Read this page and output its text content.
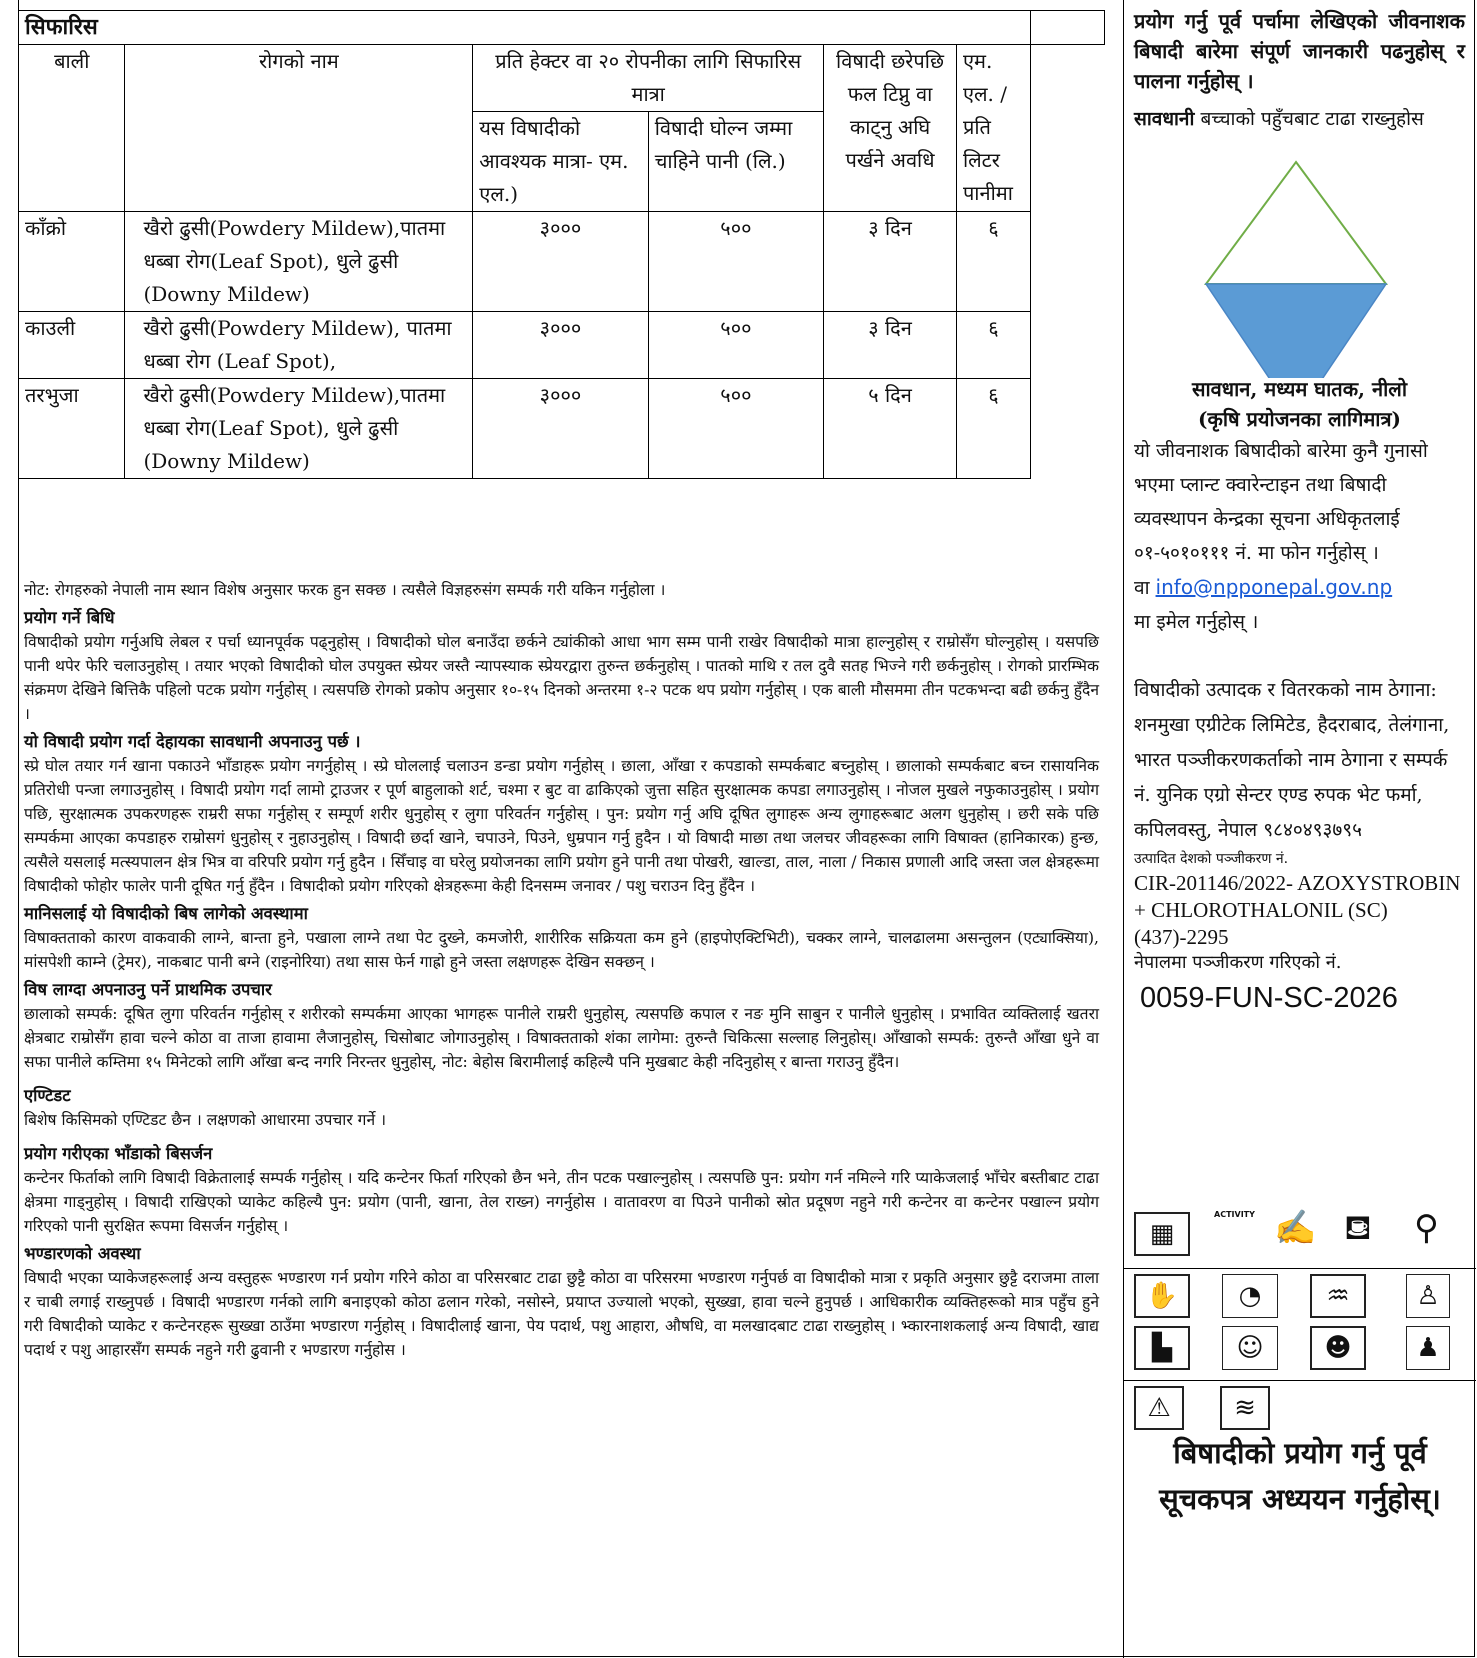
सिफारिस						
बाली	रोगको नाम	प्रति हेक्टर वा २० रोपनीका लागि सिफारिस मात्रा		विषादी छरेपछि फल टिप्नु वा काट्नु अघि पर्खने अवधि	एम. एल. / प्रति लिटर पानीमा
		यस विषादीको आवश्यक मात्रा- एम. एल.)	विषादी घोल्न जम्मा चाहिने पानी (लि.)			
काँक्रो	खैरो ढुसी(Powdery Mildew),पातमा धब्बा रोग(Leaf Spot), धुले ढुसी (Downy Mildew)	३०००	५००	३ दिन	६	
काउली	खैरो ढुसी(Powdery Mildew), पातमा धब्बा रोग (Leaf Spot),	३०००	५००	३ दिन	६	
तरभुजा	खैरो ढुसी(Powdery Mildew),पातमा धब्बा रोग(Leaf Spot), धुले ढुसी (Downy Mildew)	३०००	५००	५ दिन	६	

नोट: रोगहरुको नेपाली नाम स्थान विशेष अनुसार फरक हुन सक्छ । त्यसैले विज्ञहरुसंग सम्पर्क गरी यकिन गर्नुहोला ।

प्रयोग गर्ने बिधि

विषादीको प्रयोग गर्नुअघि लेबल र पर्चा ध्यानपूर्वक पढ्नुहोस् । विषादीको घोल बनाउँदा छर्कने ट्यांकीको आधा भाग सम्म पानी राखेर विषादीको मात्रा हाल्नुहोस् र राम्रोसँग घोल्नुहोस् । यसपछि पानी थपेर फेरि चलाउनुहोस् । तयार भएको विषादीको घोल उपयुक्त स्प्रेयर जस्तै न्यापस्याक स्प्रेयरद्वारा तुरुन्त छर्कनुहोस् । पातको माथि र तल दुवै सतह भिज्ने गरी छर्कनुहोस् । रोगको प्रारम्भिक संक्रमण देखिने बित्तिकै पहिलो पटक प्रयोग गर्नुहोस् । त्यसपछि रोगको प्रकोप अनुसार १०-१५ दिनको अन्तरमा १-२ पटक थप प्रयोग गर्नुहोस् । एक बाली मौसममा तीन पटकभन्दा बढी छर्कनु हुँदैन ।

यो विषादी प्रयोग गर्दा देहायका सावधानी अपनाउनु पर्छ ।

स्प्रे घोल तयार गर्न खाना पकाउने भाँडाहरू प्रयोग नगर्नुहोस् । स्प्रे घोललाई चलाउन डन्डा प्रयोग गर्नुहोस् । छाला, आँखा र कपडाको सम्पर्कबाट बच्नुहोस् । छालाको सम्पर्कबाट बच्न रासायनिक प्रतिरोधी पन्जा लगाउनुहोस् । विषादी प्रयोग गर्दा लामो ट्राउजर र पूर्ण बाहुलाको शर्ट, चश्मा र बुट वा ढाकिएको जुत्ता सहित सुरक्षात्मक कपडा लगाउनुहोस् । नोजल मुखले नफुकाउनुहोस् । प्रयोग पछि, सुरक्षात्मक उपकरणहरू राम्ररी सफा गर्नुहोस् र सम्पूर्ण शरीर धुनुहोस् र लुगा परिवर्तन गर्नुहोस् । पुन: प्रयोग गर्नु अघि दूषित लुगाहरू अन्य लुगाहरूबाट अलग धुनुहोस् । छरी सके पछि सम्पर्कमा आएका कपडाहरु राम्रोसगं धुनुहोस् र नुहाउनुहोस् । विषादी छर्दा खाने, चपाउने, पिउने, धुम्रपान गर्नु हुदैन । यो विषादी माछा तथा जलचर जीवहरूका लागि विषाक्त (हानिकारक) हुन्छ, त्यसैले यसलाई मत्स्यपालन क्षेत्र भित्र वा वरिपरि प्रयोग गर्नु हुदैन । सिँचाइ वा घरेलु प्रयोजनका लागि प्रयोग हुने पानी तथा पोखरी, खाल्डा, ताल, नाला / निकास प्रणाली आदि जस्ता जल क्षेत्रहरूमा विषादीको फोहोर फालेर पानी दूषित गर्नु हुँदैन । विषादीको प्रयोग गरिएको क्षेत्रहरूमा केही दिनसम्म जनावर / पशु चराउन दिनु हुँदैन ।

मानिसलाई यो विषादीको बिष लागेको अवस्थामा

विषाक्तताको कारण वाकवाकी लाग्ने, बान्ता हुने, पखाला लाग्ने तथा पेट दुख्ने, कमजोरी, शारीरिक सक्रियता कम हुने (हाइपोएक्टिभिटी), चक्कर लाग्ने, चालढालमा असन्तुलन (एट्याक्सिया), मांसपेशी काम्ने (ट्रेमर), नाकबाट पानी बग्ने (राइनोरिया) तथा सास फेर्न गाह्रो हुने जस्ता लक्षणहरू देखिन सक्छन् ।

विष लाग्दा अपनाउनु पर्ने प्राथमिक उपचार

छालाको सम्पर्क: दूषित लुगा परिवर्तन गर्नुहोस् र शरीरको सम्पर्कमा आएका भागहरू पानीले राम्ररी धुनुहोस्, त्यसपछि कपाल र नङ मुनि साबुन र पानीले धुनुहोस् । प्रभावित व्यक्तिलाई खतरा क्षेत्रबाट राम्रोसँग हावा चल्ने कोठा वा ताजा हावामा लैजानुहोस्, चिसोबाट जोगाउनुहोस् । विषाक्तताको शंका लागेमा: तुरुन्तै चिकित्सा सल्लाह लिनुहोस्। आँखाको सम्पर्क: तुरुन्तै आँखा धुने वा सफा पानीले कम्तिमा १५ मिनेटको लागि आँखा बन्द नगरि निरन्तर धुनुहोस्, नोट: बेहोस बिरामीलाई कहिल्यै पनि मुखबाट केही नदिनुहोस् र बान्ता गराउनु हुँदैन।

एण्टिडट

बिशेष किसिमको एण्टिडट छैन । लक्षणको आधारमा उपचार गर्ने ।

प्रयोग गरीएका भाँडाको बिसर्जन

कन्टेनर फिर्ताको लागि विषादी विक्रेतालाई सम्पर्क गर्नुहोस् । यदि कन्टेनर फिर्ता गरिएको छैन भने, तीन पटक पखाल्नुहोस् । त्यसपछि पुन: प्रयोग गर्न नमिल्ने गरि प्याकेजलाई भाँचेर बस्तीबाट टाढा क्षेत्रमा गाड्नुहोस् । विषादी राखिएको प्याकेट कहिल्यै पुन: प्रयोग (पानी, खाना, तेल राख्न) नगर्नुहोस । वातावरण वा पिउने पानीको स्रोत प्रदूषण नहुने गरी कन्टेनर वा कन्टेनर पखाल्न प्रयोग गरिएको पानी सुरक्षित रूपमा विसर्जन गर्नुहोस् ।

भण्डारणको अवस्था

विषादी भएका प्याकेजहरूलाई अन्य वस्तुहरू भण्डारण गर्न प्रयोग गरिने कोठा वा परिसरबाट टाढा छुट्टै कोठा वा परिसरमा भण्डारण गर्नुपर्छ वा विषादीको मात्रा र प्रकृति अनुसार छुट्टै दराजमा ताला र चाबी लगाई राख्नुपर्छ । विषादी भण्डारण गर्नको लागि बनाइएको कोठा ढलान गरेको, नसोस्ने, प्रयाप्त उज्यालो भएको, सुख्खा, हावा चल्ने हुनुपर्छ । आधिकारीक व्यक्तिहरूको मात्र पहुँच हुने गरी विषादीको प्याकेट र कन्टेनरहरू सुख्खा ठाउँमा भण्डारण गर्नुहोस् । विषादीलाई खाना, पेय पदार्थ, पशु आहारा, औषधि, वा मलखादबाट टाढा राख्नुहोस् । भ्कारनाशकलाई अन्य विषादी, खाद्य पदार्थ र पशु आहारसँग सम्पर्क नहुने गरी ढुवानी र भण्डारण गर्नुहोस ।

प्रयोग गर्नु पूर्व पर्चामा लेखिएको जीवनाशक बिषादी बारेमा संपूर्ण जानकारी पढनुहोस् र पालना गर्नुहोस् ।
सावधानी बच्चाको पहुँचबाट टाढा राख्नुहोस
सावधान, मध्यम घातक, नीलो
(कृषि प्रयोजनका लागिमात्र)
यो जीवनाशक बिषादीको बारेमा कुनै गुनासो भएमा प्लान्ट क्वारेन्टाइन तथा बिषादी व्यवस्थापन केन्द्रका सूचना अधिकृतलाई ०१-५०१०१११ नं. मा फोन गर्नुहोस् ।
वा info@npponepal.gov.np
मा इमेल गर्नुहोस् ।
विषादीको उत्पादक र वितरकको नाम ठेगाना: शनमुखा एग्रीटेक लिमिटेड, हैदराबाद, तेलंगाना, भारत पञ्जीकरणकर्ताको नाम ठेगाना र सम्पर्क नं. युनिक एग्रो सेन्टर एण्ड रुपक भेट फर्मा, कपिलवस्तु, नेपाल ९८४०४९३७९५
उत्पादित देशको पञ्जीकरण नं.
CIR-201146/2022- AZOXYSTROBIN + CHLOROTHALONIL (SC) (437)-2295
नेपालमा पञ्जीकरण गरिएको नं.
0059-FUN-SC-2026
▦
ACTIVITY ✍ ⛾ ⚲
✋	◔	♒	♙
▙	☺	☻	♟
⚠	≋
बिषादीको प्रयोग गर्नु पूर्व सूचकपत्र अध्ययन गर्नुहोस्।
